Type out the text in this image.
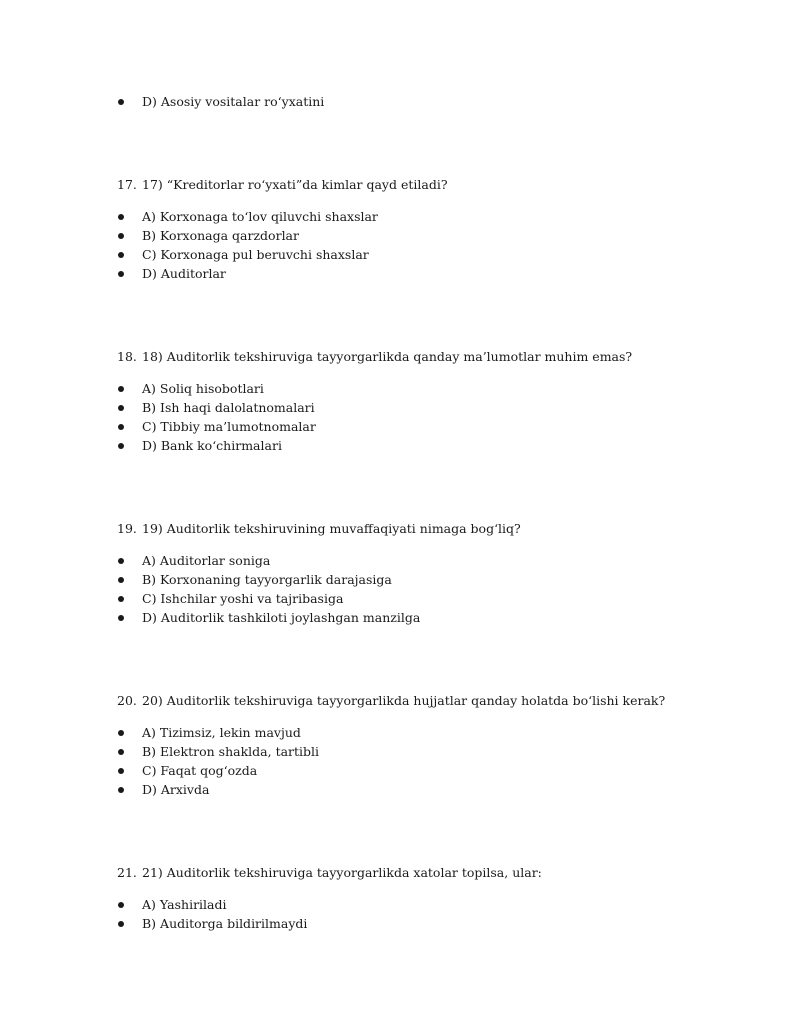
D) Asosiy vositalar ro‘yxatini
17. 17) “Kreditorlar ro‘yxati”da kimlar qayd etiladi?
A) Korxonaga to‘lov qiluvchi shaxslar
B) Korxonaga qarzdorlar
C) Korxonaga pul beruvchi shaxslar
D) Auditorlar
18. 18) Auditorlik tekshiruviga tayyorgarlikda qanday ma’lumotlar muhim emas?
A) Soliq hisobotlari
B) Ish haqi dalolatnomalari
C) Tibbiy ma’lumotnomalar
D) Bank ko‘chirmalari
19. 19) Auditorlik tekshiruvining muvaffaqiyati nimaga bog‘liq?
A) Auditorlar soniga
B) Korxonaning tayyorgarlik darajasiga
C) Ishchilar yoshi va tajribasiga
D) Auditorlik tashkiloti joylashgan manzilga
20. 20) Auditorlik tekshiruviga tayyorgarlikda hujjatlar qanday holatda bo‘lishi kerak?
A) Tizimsiz, lekin mavjud
B) Elektron shaklda, tartibli
C) Faqat qog‘ozda
D) Arxivda
21. 21) Auditorlik tekshiruviga tayyorgarlikda xatolar topilsa, ular:
A) Yashiriladi
B) Auditorga bildirilmaydi
